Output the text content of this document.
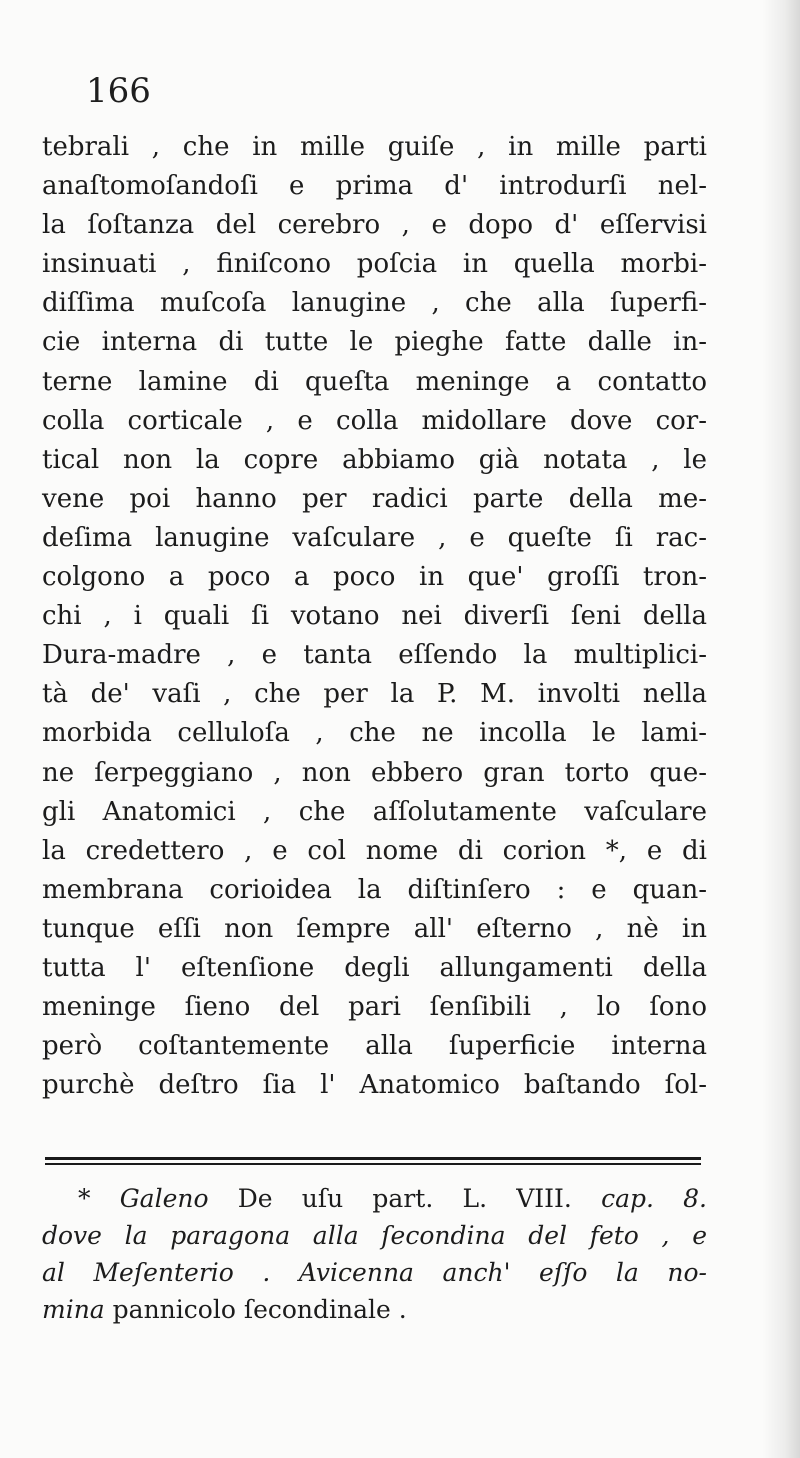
166

tebrali , che in mille guiſe , in mille parti
anaſtomoſandoſi e prima d' introdurſi nel-
la ſoſtanza del cerebro , e dopo d' eſſervisi
insinuati , finiſcono poſcia in quella morbi-
diſſima muſcoſa lanugine , che alla ſuperfi-
cie interna di tutte le pieghe fatte dalle in-
terne lamine di queſta meninge a contatto
colla corticale , e colla midollare dove cor-
tical non la copre abbiamo già notata , le
vene poi hanno per radici parte della me-
deſima lanugine vaſculare , e queſte ſi rac-
colgono a poco a poco in que' groſſi tron-
chi , i quali ſi votano nei diverſi ſeni della
Dura-madre , e tanta eſſendo la multiplici-
tà de' vaſi , che per la P. M. involti nella
morbida celluloſa , che ne incolla le lami-
ne ſerpeggiano , non ebbero gran torto que-
gli Anatomici , che aſſolutamente vaſculare
la credettero , e col nome di corion *, e di
membrana corioidea la diſtinſero : e quan-
tunque eſſi non ſempre all' eſterno , nè in
tutta l' eſtenſione degli allungamenti della
meninge ſieno del pari ſenſibili , lo ſono
però coſtantemente alla ſuperficie interna
purchè deſtro ſia l' Anatomico baſtando ſol-
* Galeno De uſu part. L. VIII. cap. 8.
dove la paragona alla ſecondina del feto , e
al Meſenterio . Avicenna anch' eſſo la no-
mina pannicolo ſecondinale .
